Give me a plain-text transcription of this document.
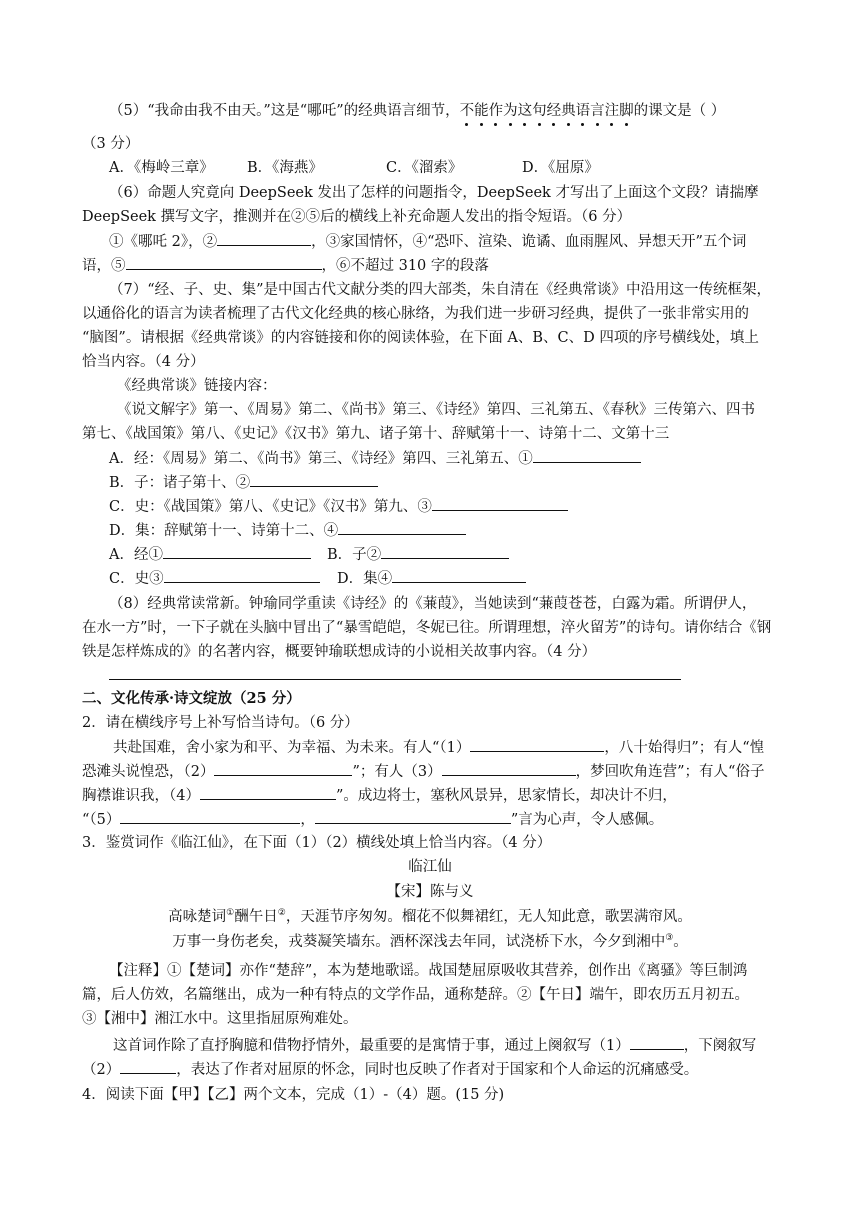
（5）“我命由我不由天。”这是“哪吒”的经典语言细节，不能作为这句经典语言注脚的课文是（ ）
（3 分）
A．《梅岭三章》 B．《海燕》	C．《溜索》	D．《屈原》
（6）命题人究竟向 DeepSeek 发出了怎样的问题指令，DeepSeek 才写出了上面这个文段？请揣摩
DeepSeek 撰写文字，推测并在②⑤后的横线上补充命题人发出的指令短语。（6 分）
①《哪吒 2》，②	，③家国情怀，④“恐吓、渲染、诡谲、血雨腥风、异想天开”五个词
语，⑤	，⑥不超过 310 字的段落
（7）“经、子、史、集”是中国古代文献分类的四大部类，朱自清在《经典常谈》中沿用这一传统框架，
以通俗化的语言为读者梳理了古代文化经典的核心脉络，为我们进一步研习经典，提供了一张非常实用的
“脑图”。请根据《经典常谈》的内容链接和你的阅读体验，在下面 A、B、C、D 四项的序号横线处，填上
恰当内容。（4 分）
《经典常谈》链接内容：
《说文解字》第一、《周易》第二、《尚书》第三、《诗经》第四、三礼第五、《春秋》三传第六、四书
第七、《战国策》第八、《史记》《汉书》第九、诸子第十、辞赋第十一、诗第十二、文第十三
A．经：《周易》第二、《尚书》第三、《诗经》第四、三礼第五、①
B．子：诸子第十、②
C．史：《战国策》第八、《史记》《汉书》第九、③
D．集：辞赋第十一、诗第十二、④
A．经①	B．子②
C．史③	D．集④
（8）经典常读常新。钟瑜同学重读《诗经》的《蒹葭》，当她读到“蒹葭苍苍，白露为霜。所谓伊人，
在水一方”时，一下子就在头脑中冒出了“暴雪皑皑，冬妮已往。所谓理想，淬火留芳”的诗句。请你结合《钢
铁是怎样炼成的》的名著内容，概要钟瑜联想成诗的小说相关故事内容。（4 分）
二、文化传承·诗文绽放（25 分）
2．请在横线序号上补写恰当诗句。（6 分）
共赴国难，舍小家为和平、为幸福、为未来。有人“（1）	，八十始得归”；有人“惶
恐滩头说惶恐，（2）	”；有人（3）	，梦回吹角连营”；有人“俗子
胸襟谁识我，（4）	”。成边将士，塞秋风景异，思家情长，却决计不归，
“（5）	，	”言为心声，令人感佩。
3．鉴赏词作《临江仙》，在下面（1）（2）横线处填上恰当内容。（4 分）
临江仙
【宋】陈与义
高咏楚词①酬午日②，天涯节序匆匆。榴花不似舞裙红，无人知此意，歌罢满帘风。
万事一身伤老矣，戎葵凝笑墙东。酒杯深浅去年同，试浇桥下水，今夕到湘中③。
【注释】①【楚词】亦作“楚辞”，本为楚地歌谣。战国楚屈原吸收其营养，创作出《离骚》等巨制鸿
篇，后人仿效，名篇继出，成为一种有特点的文学作品，通称楚辞。②【午日】端午，即农历五月初五。
③【湘中】湘江水中。这里指屈原殉难处。
这首词作除了直抒胸臆和借物抒情外，最重要的是寓情于事，通过上阕叙写（1）	，下阕叙写
（2）	，表达了作者对屈原的怀念，同时也反映了作者对于国家和个人命运的沉痛感受。
4．阅读下面【甲】【乙】两个文本，完成（1）-（4）题。(15 分)
